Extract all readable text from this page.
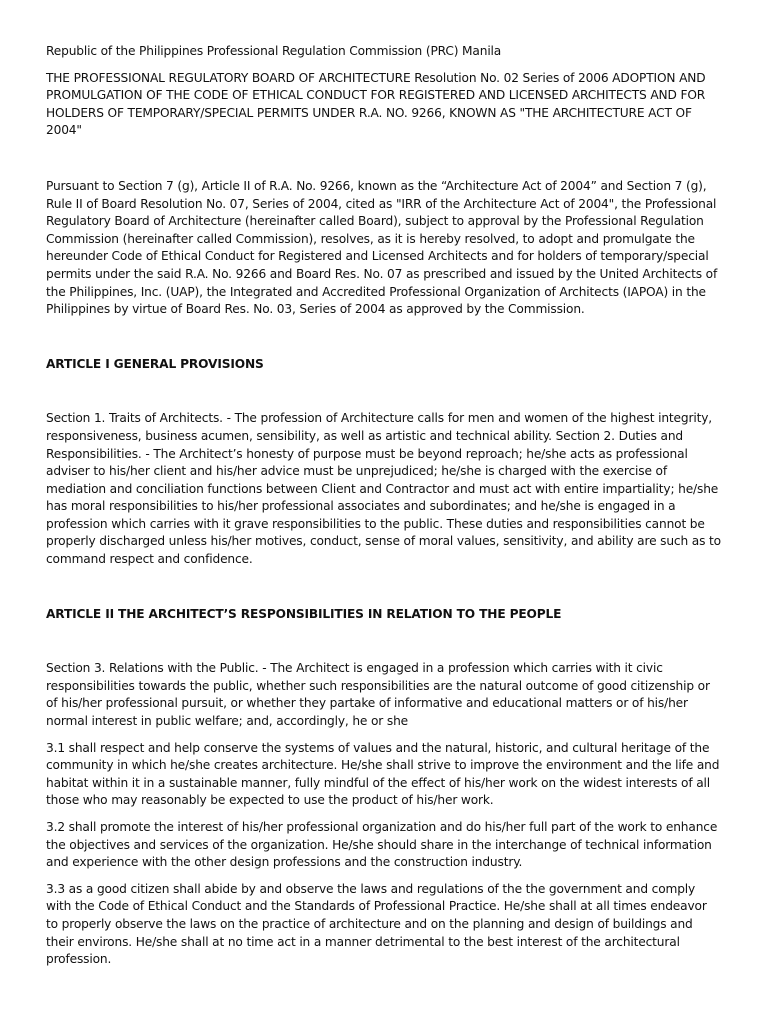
Republic of the Philippines Professional Regulation Commission (PRC) Manila

THE PROFESSIONAL REGULATORY BOARD OF ARCHITECTURE Resolution No. 02 Series of 2006 ADOPTION AND PROMULGATION OF THE CODE OF ETHICAL CONDUCT FOR REGISTERED AND LICENSED ARCHITECTS AND FOR HOLDERS OF TEMPORARY/SPECIAL PERMITS UNDER R.A. NO. 9266, KNOWN AS "THE ARCHITECTURE ACT OF 2004"

Pursuant to Section 7 (g), Article II of R.A. No. 9266, known as the “Architecture Act of 2004” and Section 7 (g), Rule II of Board Resolution No. 07, Series of 2004, cited as "IRR of the Architecture Act of 2004", the Professional Regulatory Board of Architecture (hereinafter called Board), subject to approval by the Professional Regulation Commission (hereinafter called Commission), resolves, as it is hereby resolved, to adopt and promulgate the hereunder Code of Ethical Conduct for Registered and Licensed Architects and for holders of temporary/special permits under the said R.A. No. 9266 and Board Res. No. 07 as prescribed and issued by the United Architects of the Philippines, Inc. (UAP), the Integrated and Accredited Professional Organization of Architects (IAPOA) in the Philippines by virtue of Board Res. No. 03, Series of 2004 as approved by the Commission.

ARTICLE I GENERAL PROVISIONS

Section 1. Traits of Architects. - The profession of Architecture calls for men and women of the highest integrity, responsiveness, business acumen, sensibility, as well as artistic and technical ability. Section 2. Duties and Responsibilities. - The Architect’s honesty of purpose must be beyond reproach; he/she acts as professional adviser to his/her client and his/her advice must be unprejudiced; he/she is charged with the exercise of mediation and conciliation functions between Client and Contractor and must act with entire impartiality; he/she has moral responsibilities to his/her professional associates and subordinates; and he/she is engaged in a profession which carries with it grave responsibilities to the public. These duties and responsibilities cannot be properly discharged unless his/her motives, conduct, sense of moral values, sensitivity, and ability are such as to command respect and confidence.

ARTICLE II THE ARCHITECT’S RESPONSIBILITIES IN RELATION TO THE PEOPLE

Section 3. Relations with the Public. - The Architect is engaged in a profession which carries with it civic responsibilities towards the public, whether such responsibilities are the natural outcome of good citizenship or of his/her professional pursuit, or whether they partake of informative and educational matters or of his/her normal interest in public welfare; and, accordingly, he or she

3.1 shall respect and help conserve the systems of values and the natural, historic, and cultural heritage of the community in which he/she creates architecture. He/she shall strive to improve the environment and the life and habitat within it in a sustainable manner, fully mindful of the effect of his/her work on the widest interests of all those who may reasonably be expected to use the product of his/her work.

3.2 shall promote the interest of his/her professional organization and do his/her full part of the work to enhance the objectives and services of the organization. He/she should share in the interchange of technical information and experience with the other design professions and the construction industry.

3.3 as a good citizen shall abide by and observe the laws and regulations of the the government and comply with the Code of Ethical Conduct and the Standards of Professional Practice. He/she shall at all times endeavor to properly observe the laws on the practice of architecture and on the planning and design of buildings and their environs. He/she shall at no time act in a manner detrimental to the best interest of the architectural profession.
